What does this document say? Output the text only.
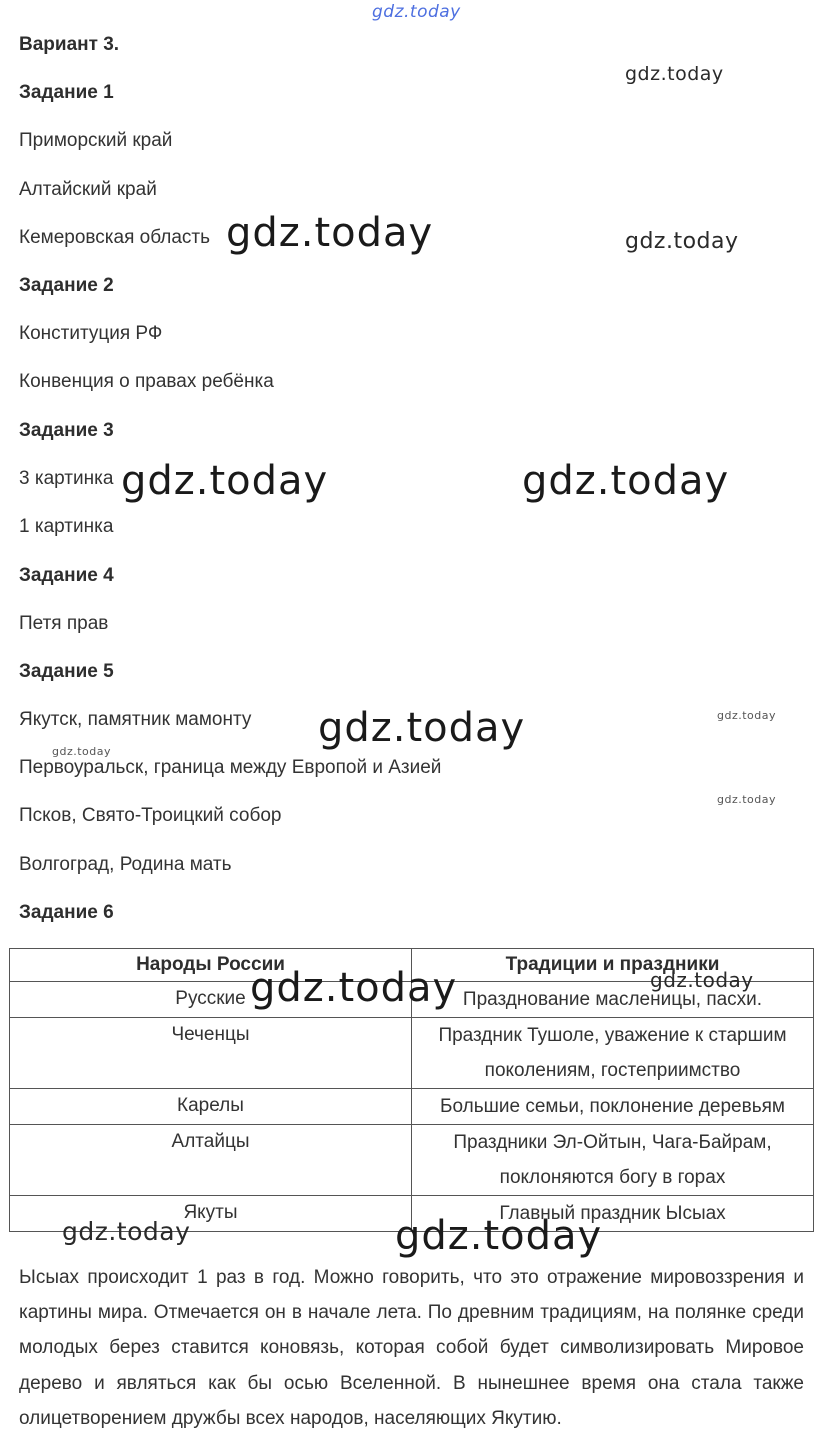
Вариант 3.
Задание 1
Приморский край
Алтайский край
Кемеровская область
Задание 2
Конституция РФ
Конвенция о правах ребёнка
Задание 3
3 картинка
1 картинка
Задание 4
Петя прав
Задание 5
Якутск, памятник мамонту
Первоуральск, граница между Европой и Азией
Псков, Свято-Троицкий собор
Волгоград, Родина мать
Задание 6
Народы России	Традиции и праздники
Русские	Празднование масленицы, пасхи.
Чеченцы	Праздник Тушоле, уважение к старшим поколениям, гостеприимство
Карелы	Большие семьи, поклонение деревьям
Алтайцы	Праздники Эл-Ойтын, Чага-Байрам, поклоняются богу в горах
Якуты	Главный праздник Ысыах
Ысыах происходит 1 раз в год. Можно говорить, что это отражение мировоззрения и картины мира. Отмечается он в начале лета. По древним традициям, на полянке среди молодых берез ставится коновязь, которая собой будет символизировать Мировое дерево и являться как бы осью Вселенной. В нынешнее время она стала также олицетворением дружбы всех народов, населяющих Якутию.
gdz.today
gdz.today
gdz.today	gdz.today
gdz.today	gdz.today
gdz.today	gdz.today
gdz.today
gdz.today
gdz.today	gdz.today
gdz.today	gdz.today
